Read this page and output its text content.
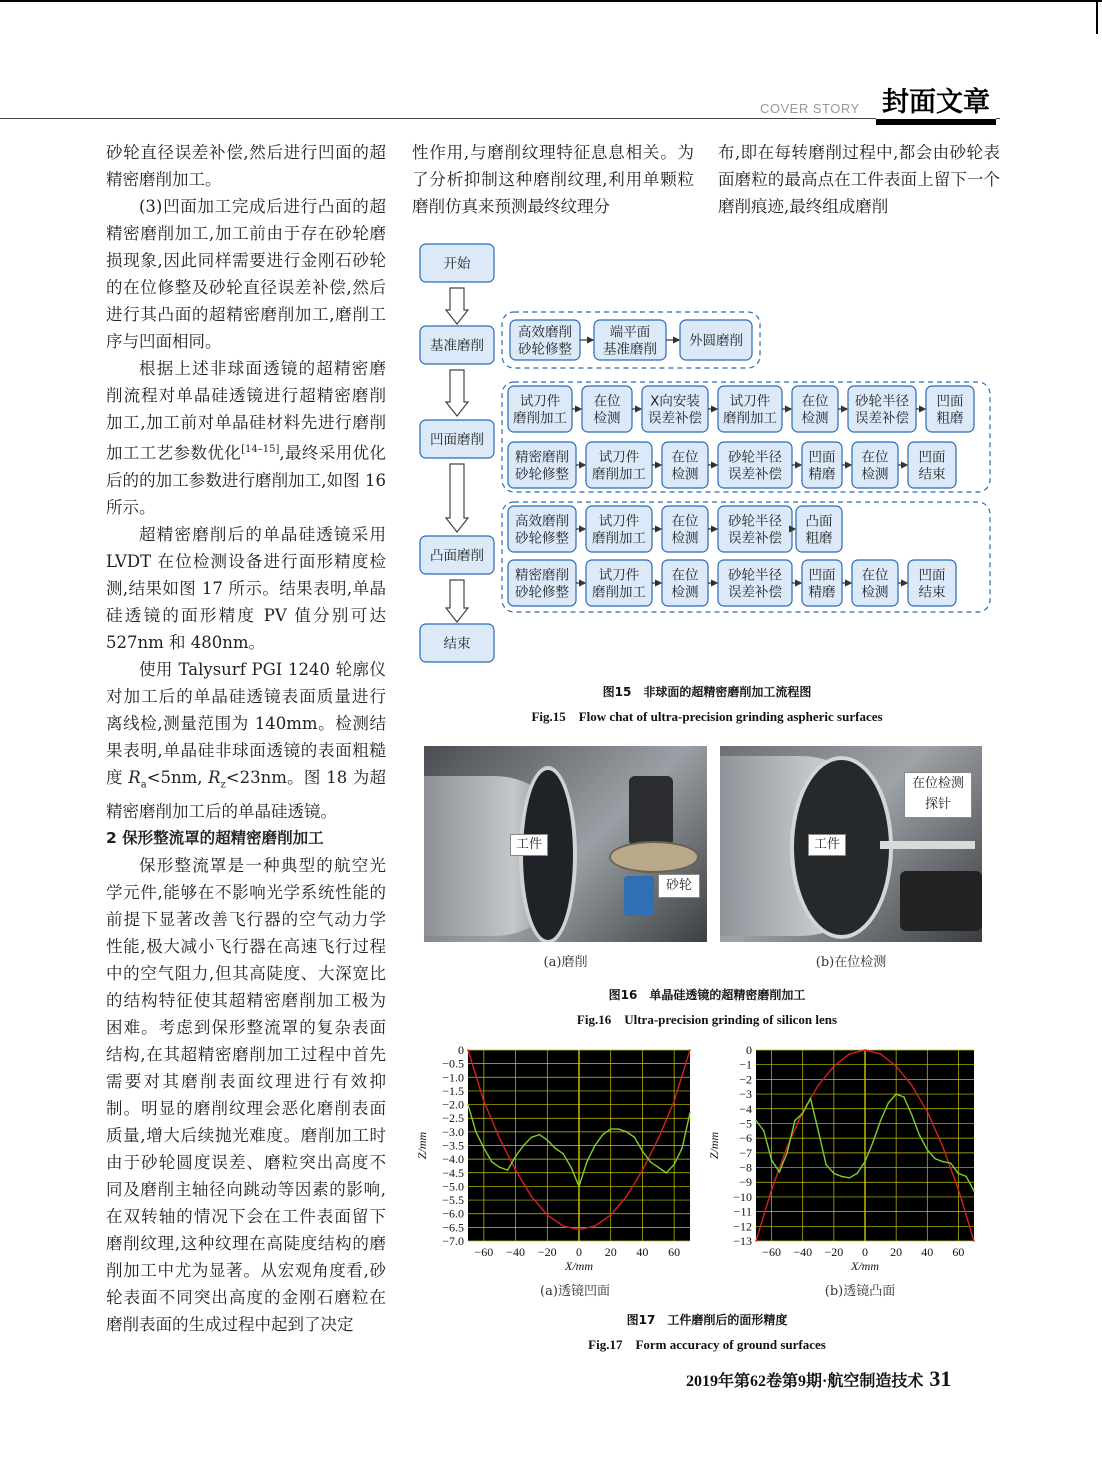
COVER STORY 封面文章

砂轮直径误差补偿,然后进行凹面的超精密磨削加工。

(3)凹面加工完成后进行凸面的超精密磨削加工,加工前由于存在砂轮磨损现象,因此同样需要进行金刚石砂轮的在位修整及砂轮直径误差补偿,然后进行其凸面的超精密磨削加工,磨削工序与凹面相同。

根据上述非球面透镜的超精密磨削流程对单晶硅透镜进行超精密磨削加工,加工前对单晶硅材料先进行磨削加工工艺参数优化[14–15],最终采用优化后的的加工参数进行磨削加工,如图 16 所示。

超精密磨削后的单晶硅透镜采用 LVDT 在位检测设备进行面形精度检测,结果如图 17 所示。结果表明,单晶硅透镜的面形精度 PV 值分别可达 527nm 和 480nm。

使用 Talysurf PGI 1240 轮廓仪对加工后的单晶硅透镜表面质量进行离线检,测量范围为 140mm。检测结果表明,单晶硅非球面透镜的表面粗糙度 $R_a<5nm$, $R_z<23nm$。图 18 为超精密磨削加工后的单晶硅透镜。

2 保形整流罩的超精密磨削加工

保形整流罩是一种典型的航空光学元件,能够在不影响光学系统性能的前提下显著改善飞行器的空气动力学性能,极大减小飞行器在高速飞行过程中的空气阻力,但其高陡度、大深宽比的结构特征使其超精密磨削加工极为困难。考虑到保形整流罩的复杂表面结构,在其超精密磨削加工过程中首先需要对其磨削表面纹理进行有效抑制。明显的磨削纹理会恶化磨削表面质量,增大后续抛光难度。磨削加工时由于砂轮圆度误差、磨粒突出高度不同及磨削主轴径向跳动等因素的影响,在双转轴的情况下会在工件表面留下磨削纹理,这种纹理在高陡度结构的磨削加工中尤为显著。从宏观角度看,砂轮表面不同突出高度的金刚石磨粒在磨削表面的生成过程中起到了决定

性作用,与磨削纹理特征息息相关。为了分析抑制这种磨削纹理,利用单颗粒磨削仿真来预测最终纹理分
布,即在每转磨削过程中,都会由砂轮表面磨粒的最高点在工件表面上留下一个磨削痕迹,最终组成磨削
开始
基准磨削
凹面磨削
凸面磨削
结束
高效磨削
砂轮修整
端平面
基准磨削
外圆磨削
试刀件
磨削加工
在位
检测
X向安装
误差补偿
试刀件
磨削加工
在位
检测
砂轮半径
误差补偿
凹面
粗磨
精密磨削
砂轮修整
试刀件
磨削加工
在位
检测
砂轮半径
误差补偿
凹面
精磨
在位
检测
凹面
结束
高效磨削
砂轮修整
试刀件
磨削加工
在位
检测
砂轮半径
误差补偿
凸面
粗磨
精密磨削
砂轮修整
试刀件
磨削加工
在位
检测
砂轮半径
误差补偿
凹面
精磨
在位
检测
凹面
结束
图15　非球面的超精密磨削加工流程图
Fig.15　Flow chat of ultra-precision grinding aspheric surfaces
工件
砂轮
在位检测
探针
工件
(a)磨削	(b)在位检测
图16　单晶硅透镜的超精密磨削加工
Fig.16　Ultra-precision grinding of silicon lens
0
−0.5
−1.0
−1.5
−2.0
−2.5
−3.0
−3.5
−4.0
−4.5
−5.0
−5.5
−6.0
−6.5
−7.0
−60 −40 −20 0 20 40 60
X/mm
Z/mm
0
−1
−2
−3
−4
−5
−6
−7
−8
−9
−10
−11
−12
−13
−60 −40 −20 0 20 40 60
X/mm
Z/mm
(a)透镜凹面	(b)透镜凸面
图17　工件磨削后的面形精度
Fig.17　Form accuracy of ground surfaces
2019年第62卷第9期·航空制造技术 31
